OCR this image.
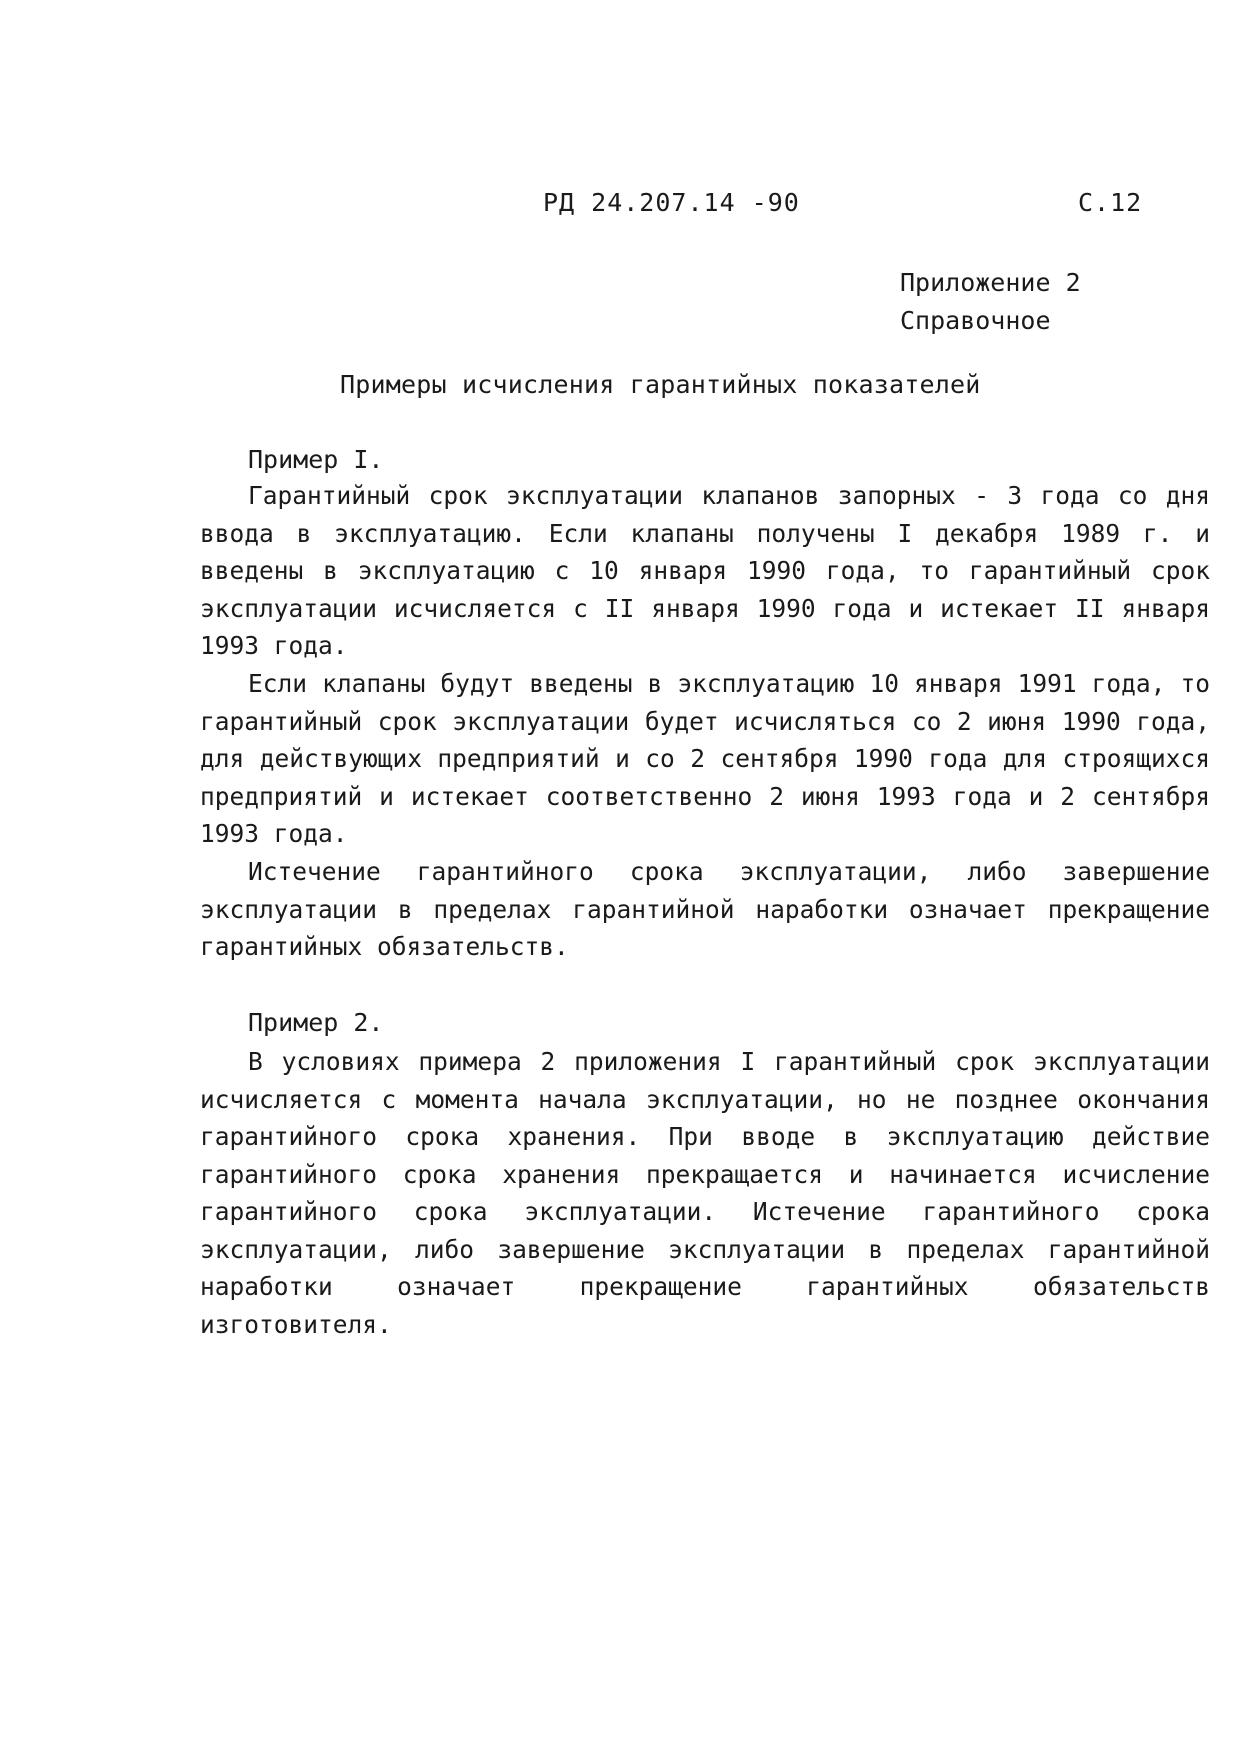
РД 24.207.14 -90	С.12
Приложение 2
Справочное
Примеры исчисления гарантийных показателей
Пример I.

Гарантийный срок эксплуатации клапанов запорных - 3 года со дня ввода в эксплуатацию. Если клапаны получены I декабря 1989 г. и введены в эксплуатацию с 10 января 1990 года, то гарантийный срок эксплуатации исчисляется с II января 1990 года и истекает II января 1993 года.

Если клапаны будут введены в эксплуатацию 10 января 1991 года, то гарантийный срок эксплуатации будет исчисляться со 2 июня 1990 года, для действующих предприятий и со 2 сентября 1990 года для строящихся предприятий и истекает соответственно 2 июня 1993 года и 2 сентября 1993 года.

Истечение гарантийного срока эксплуатации, либо завершение эксплуатации в пределах гарантийной наработки означает прекращение гарантийных обязательств.

Пример 2.

В условиях примера 2 приложения I гарантийный срок эксплуатации исчисляется с момента начала эксплуатации, но не позднее окончания гарантийного срока хранения. При вводе в эксплуатацию действие гарантийного срока хранения прекращается и начинается исчисление гарантийного срока эксплуатации. Истечение гарантийного срока эксплуатации, либо завершение эксплуатации в пределах гарантийной наработки означает прекращение гарантийных обязательств изготовителя.
